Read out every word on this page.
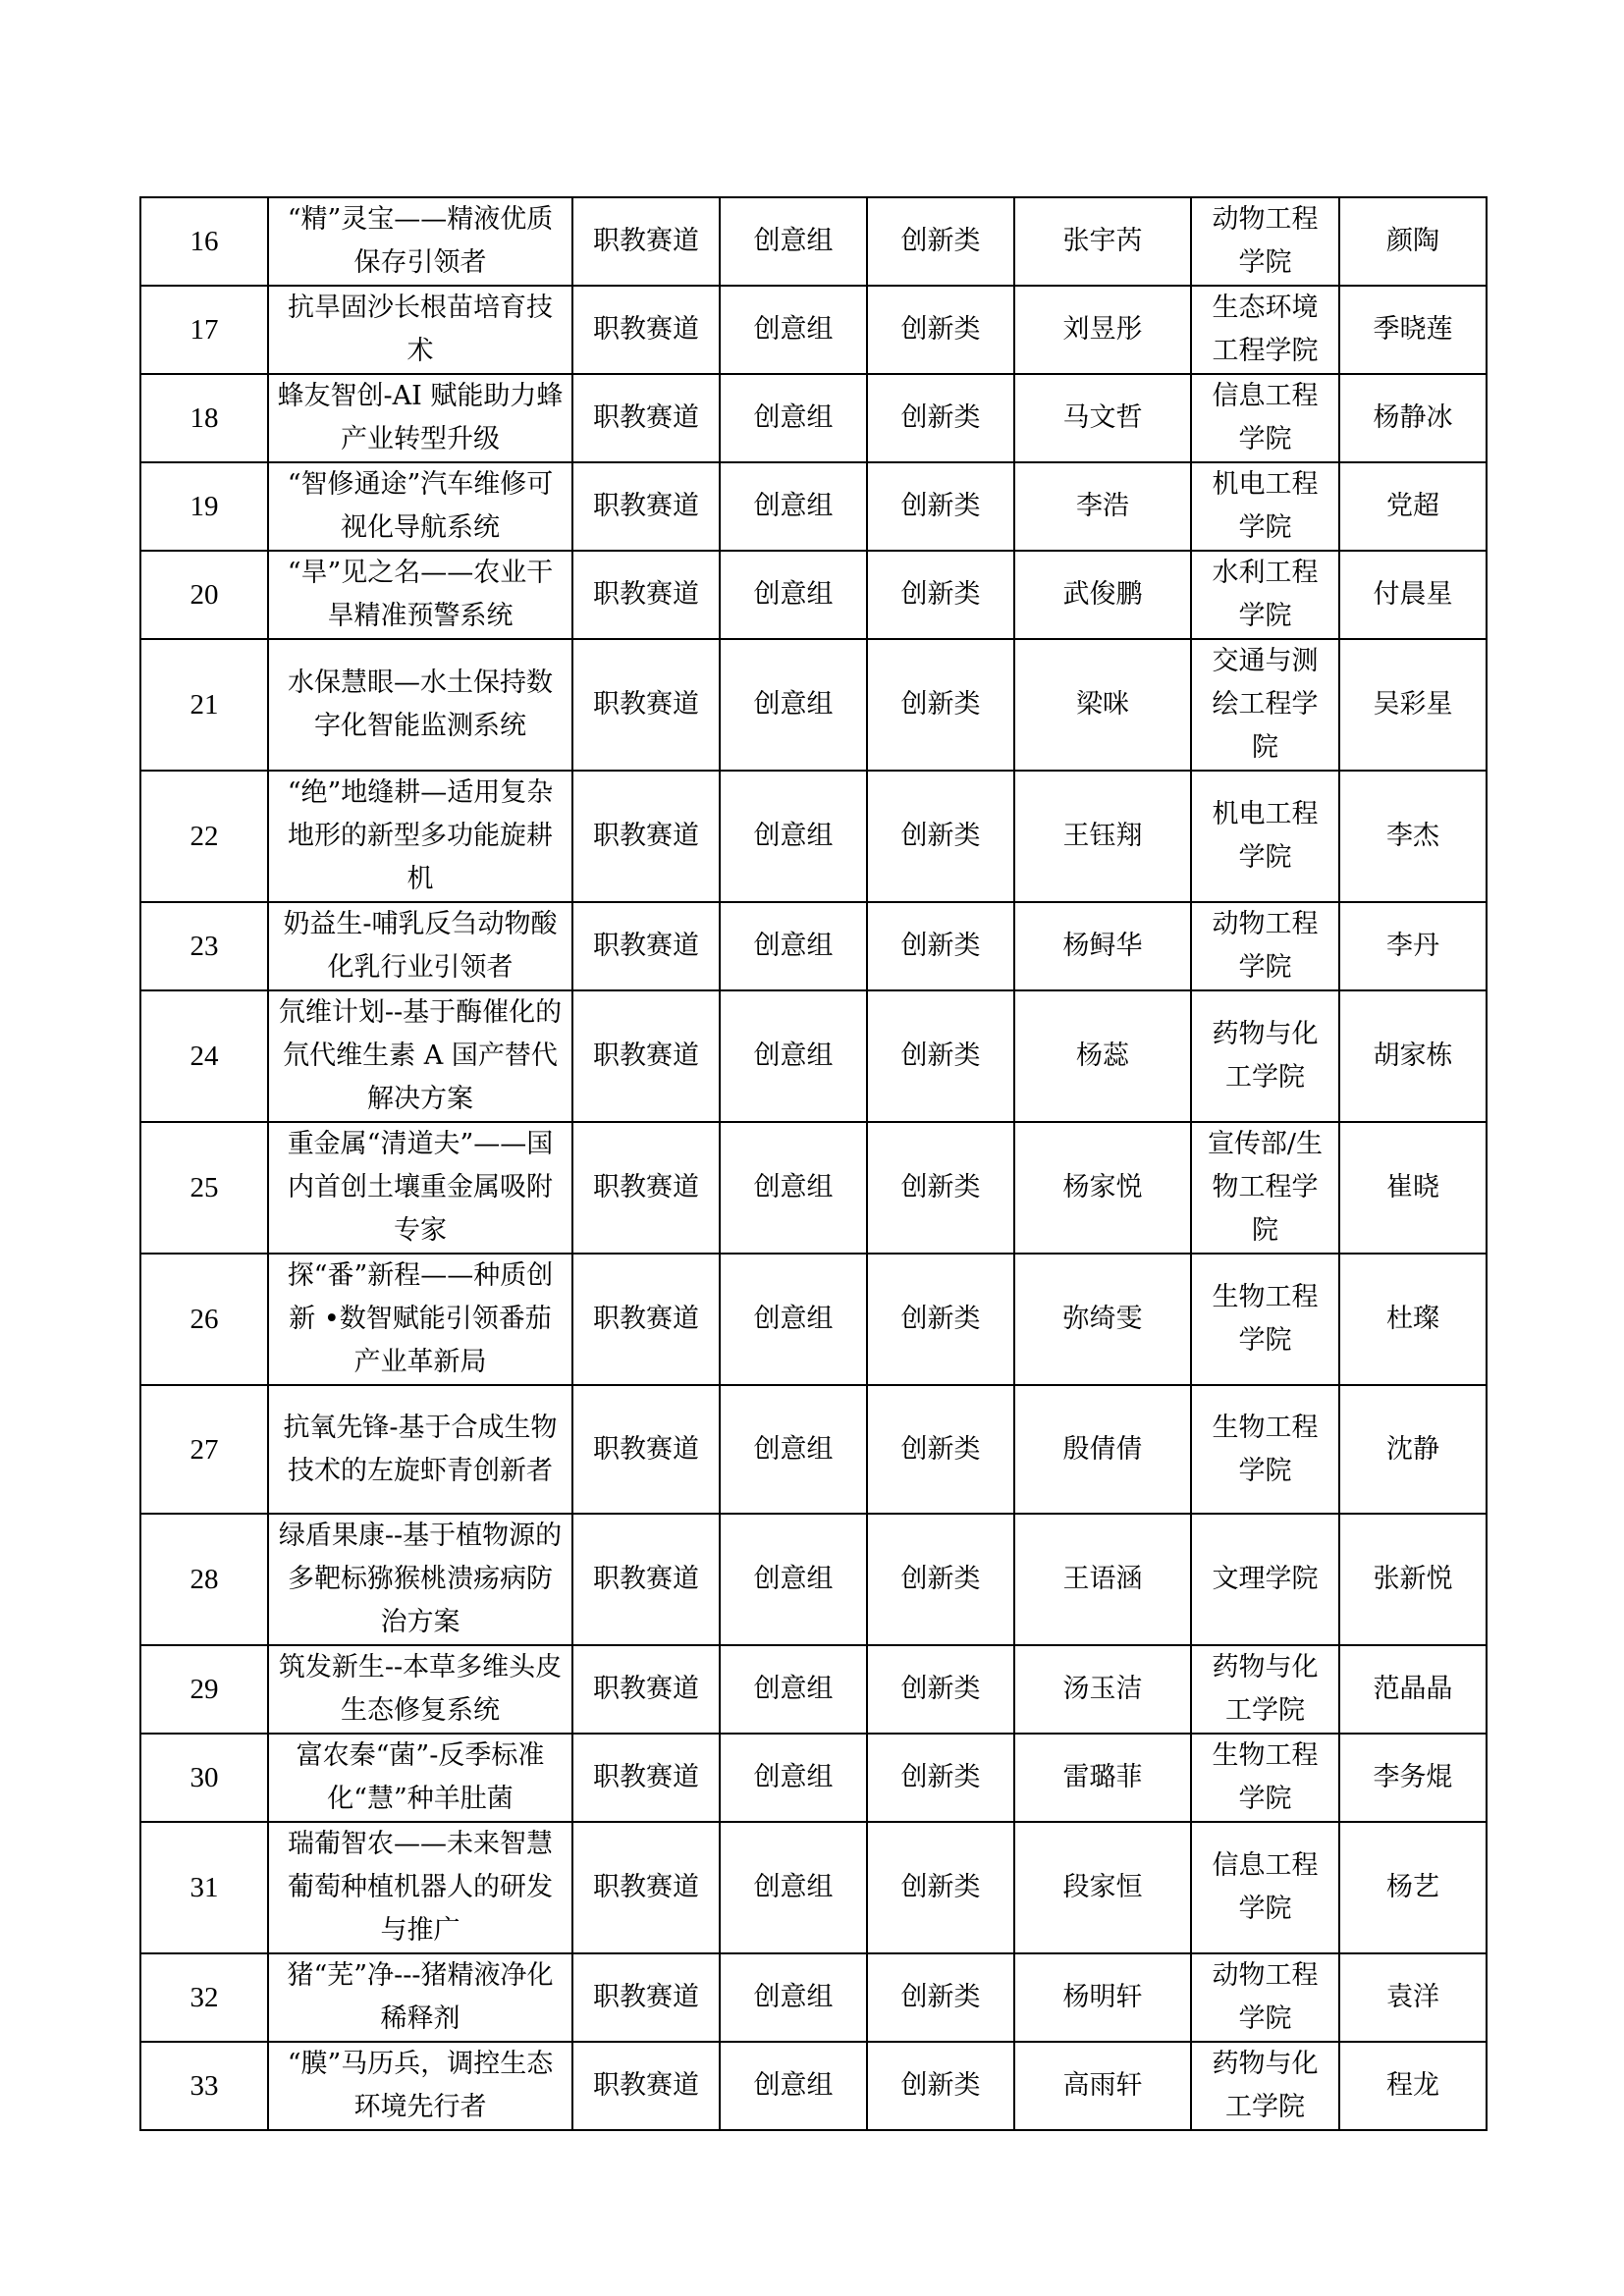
16	“精”灵宝——精液优质保存引领者	职教赛道	创意组	创新类	张宇芮	动物工程学院	颜陶
17	抗旱固沙长根苗培育技术	职教赛道	创意组	创新类	刘昱彤	生态环境工程学院	季晓莲
18	蜂友智创-AI 赋能助力蜂产业转型升级	职教赛道	创意组	创新类	马文哲	信息工程学院	杨静冰
19	“智修通途”汽车维修可视化导航系统	职教赛道	创意组	创新类	李浩	机电工程学院	党超
20	“旱”见之名——农业干旱精准预警系统	职教赛道	创意组	创新类	武俊鹏	水利工程学院	付晨星
21	水保慧眼—水土保持数字化智能监测系统	职教赛道	创意组	创新类	梁咪	交通与测绘工程学院	吴彩星
22	“绝”地缝耕—适用复杂地形的新型多功能旋耕机	职教赛道	创意组	创新类	王钰翔	机电工程学院	李杰
23	奶益生-哺乳反刍动物酸化乳行业引领者	职教赛道	创意组	创新类	杨鲟华	动物工程学院	李丹
24	氘维计划--基于酶催化的氘代维生素 A 国产替代解决方案	职教赛道	创意组	创新类	杨蕊	药物与化工学院	胡家栋
25	重金属“清道夫”——国内首创土壤重金属吸附专家	职教赛道	创意组	创新类	杨家悦	宣传部/生物工程学院	崔晓
26	探“番”新程——种质创新 •数智赋能引领番茄产业革新局	职教赛道	创意组	创新类	弥绮雯	生物工程学院	杜璨
27	抗氧先锋-基于合成生物技术的左旋虾青创新者	职教赛道	创意组	创新类	殷倩倩	生物工程学院	沈静
28	绿盾果康--基于植物源的多靶标猕猴桃溃疡病防治方案	职教赛道	创意组	创新类	王语涵	文理学院	张新悦
29	筑发新生--本草多维头皮生态修复系统	职教赛道	创意组	创新类	汤玉洁	药物与化工学院	范晶晶
30	富农秦“菌”-反季标准化“慧”种羊肚菌	职教赛道	创意组	创新类	雷璐菲	生物工程学院	李务焜
31	瑞葡智农——未来智慧葡萄种植机器人的研发与推广	职教赛道	创意组	创新类	段家恒	信息工程学院	杨艺
32	猪“芜”净---猪精液净化稀释剂	职教赛道	创意组	创新类	杨明轩	动物工程学院	袁洋
33	“膜”马历兵，调控生态环境先行者	职教赛道	创意组	创新类	高雨轩	药物与化工学院	程龙
